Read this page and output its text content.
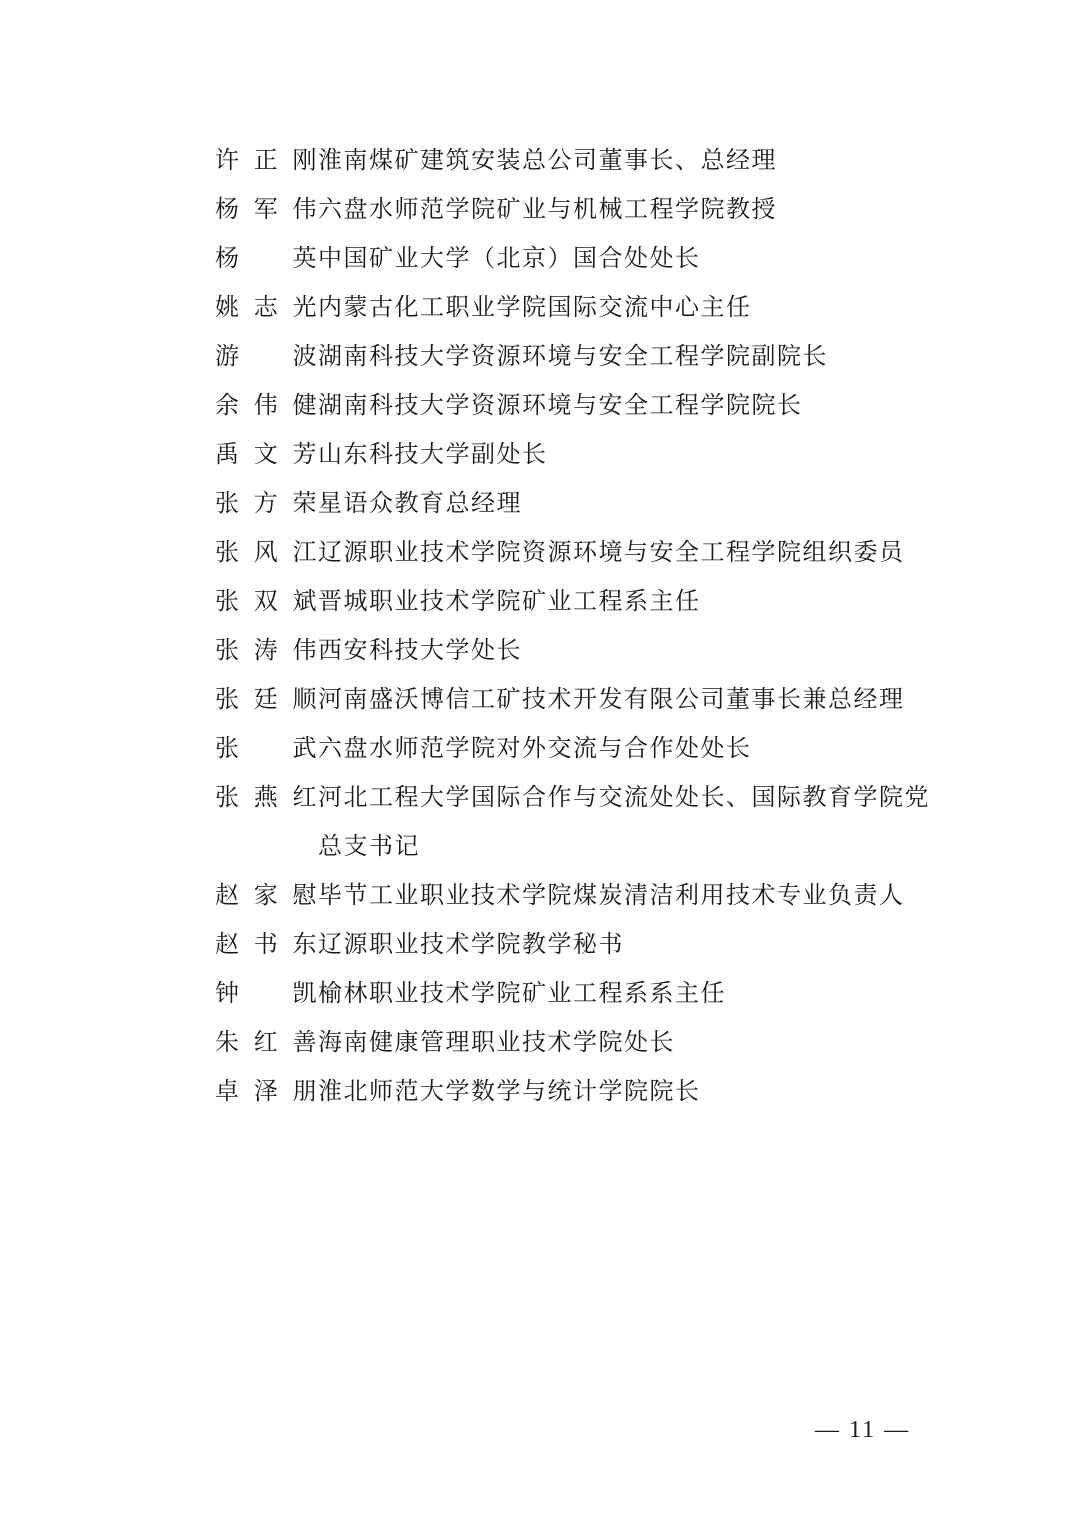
许正刚 淮南煤矿建筑安装总公司董事长、总经理
杨军伟 六盘水师范学院矿业与机械工程学院教授
杨　英 中国矿业大学（北京）国合处处长
姚志光 内蒙古化工职业学院国际交流中心主任
游　波 湖南科技大学资源环境与安全工程学院副院长
余伟健 湖南科技大学资源环境与安全工程学院院长
禹文芳 山东科技大学副处长
张方荣 星语众教育总经理
张风江 辽源职业技术学院资源环境与安全工程学院组织委员
张双斌 晋城职业技术学院矿业工程系主任
张涛伟 西安科技大学处长
张廷顺 河南盛沃博信工矿技术开发有限公司董事长兼总经理
张　武 六盘水师范学院对外交流与合作处处长
张燕红 河北工程大学国际合作与交流处处长、国际教育学院党总支书记
赵家慰 毕节工业职业技术学院煤炭清洁利用技术专业负责人
赵书东 辽源职业技术学院教学秘书
钟　凯 榆林职业技术学院矿业工程系系主任
朱红善 海南健康管理职业技术学院处长
卓泽朋 淮北师范大学数学与统计学院院长
— 11 —
